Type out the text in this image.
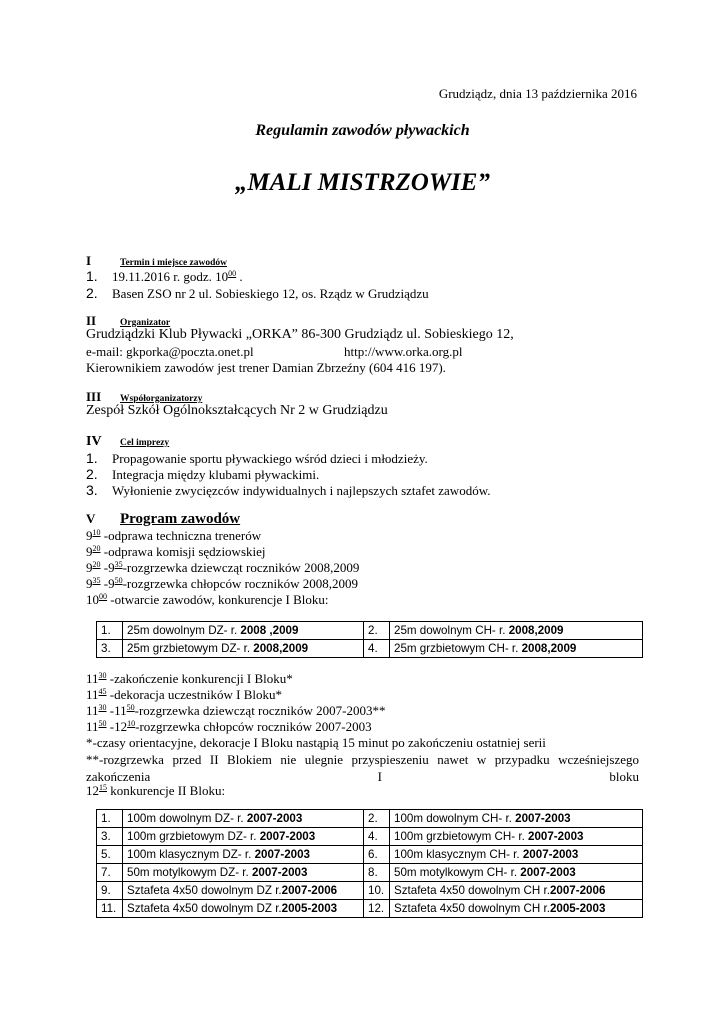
Grudziądz, dnia 13 października 2016
Regulamin zawodów pływackich
„MALI MISTRZOWIE”
I	Termin i miejsce zawodów
1. 19.11.2016 r. godz. $10^{00}$ .
2. Basen ZSO nr 2 ul. Sobieskiego 12, os. Rządz w Grudziądzu
II	Organizator
Grudziądzki Klub Pływacki „ORKA” 86-300 Grudziądz ul. Sobieskiego 12,
e-mail: gkporka@poczta.onet.pl	http://www.orka.org.pl
Kierownikiem zawodów jest trener Damian Zbrzeźny (604 416 197).
III Współorganizatorzy
Zespół Szkół Ogólnokształcących Nr 2 w Grudziądzu
IV Cel imprezy
1. Propagowanie sportu pływackiego wśród dzieci i młodzieży.
2. Integracja między klubami pływackimi.
3. Wyłonienie zwycięzców indywidualnych i najlepszych sztafet zawodów.
V Program zawodów
$9^{10}$ -odprawa techniczna trenerów
$9^{20}$ -odprawa komisji sędziowskiej
$9^{20}$ $-9^{35}$-rozgrzewka dziewcząt roczników 2008,2009
$9^{35}$ $-9^{50}$-rozgrzewka chłopców roczników 2008,2009
$10^{00}$ -otwarcie zawodów, konkurencje I Bloku:
1.	25m dowolnym DZ- r. 2008 ,2009	2.	25m dowolnym CH- r. 2008,2009
3.	25m grzbietowym DZ- r. 2008,2009	4.	25m grzbietowym CH- r. 2008,2009
$11^{30}$ -zakończenie konkurencji I Bloku*
$11^{45}$ -dekoracja uczestników I Bloku*
$11^{30}$ $-11^{50}$-rozgrzewka dziewcząt roczników 2007-2003**
$11^{50}$ $-12^{10}$-rozgrzewka chłopców roczników 2007-2003
*-czasy orientacyjne, dekoracje I Bloku nastąpią 15 minut po zakończeniu ostatniej serii
**-rozgrzewka przed II Blokiem nie ulegnie przyspieszeniu nawet w przypadku wcześniejszego zakończenia I bloku
$12^{15}$ konkurencje II Bloku:
1.	100m dowolnym DZ- r. 2007-2003	2.	100m dowolnym CH- r. 2007-2003
3.	100m grzbietowym DZ- r. 2007-2003	4.	100m grzbietowym CH- r. 2007-2003
5.	100m klasycznym DZ- r. 2007-2003	6.	100m klasycznym CH- r. 2007-2003
7.	50m motylkowym DZ- r. 2007-2003	8.	50m motylkowym CH- r. 2007-2003
9.	Sztafeta 4x50 dowolnym DZ r.2007-2006	10.	Sztafeta 4x50 dowolnym CH r.2007-2006
11.	Sztafeta 4x50 dowolnym DZ r.2005-2003	12.	Sztafeta 4x50 dowolnym CH r.2005-2003
